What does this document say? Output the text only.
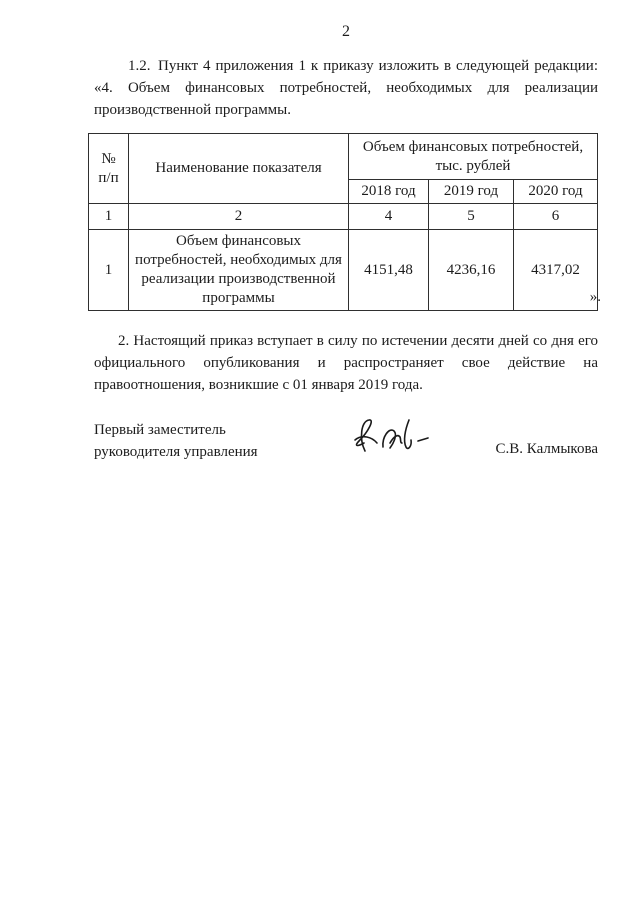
2
1.2. Пункт 4 приложения 1 к приказу изложить в следующей редакции:
«4. Объем финансовых потребностей, необходимых для реализации
производственной программы.
№ п/п	Наименование показателя	Объем финансовых потребностей, тыс. рублей		
		2018 год	2019 год	2020 год
1	2	4	5	6
1	Объем финансовых потребностей, необходимых для реализации производственной программы	4151,48	4236,16	4317,02
».
2. Настоящий приказ вступает в силу по истечении десяти дней со дня его
официального опубликования и распространяет свое действие на
правоотношения, возникшие с 01 января 2019 года.
Первый заместитель
руководителя управления	С.В. Калмыкова
